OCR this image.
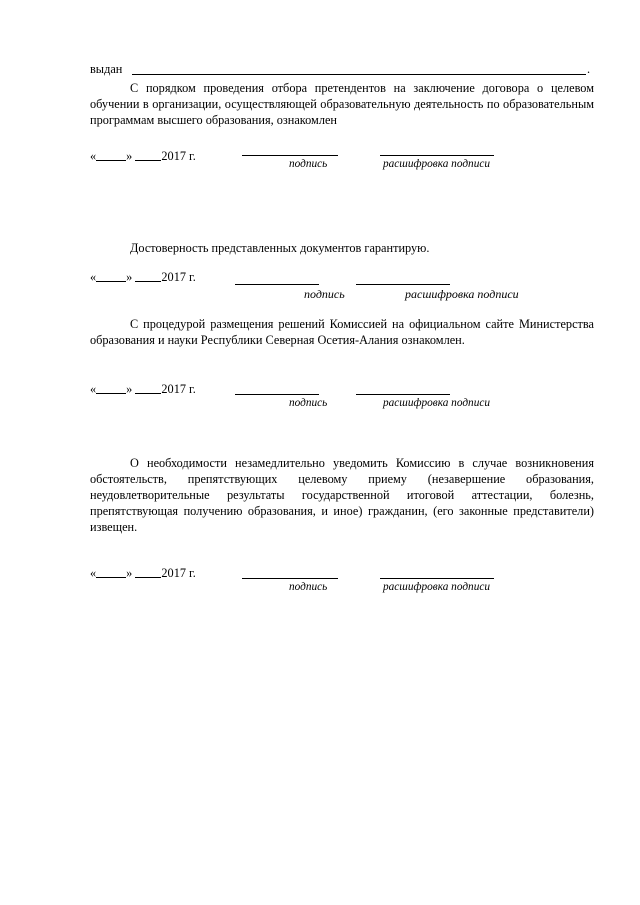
выдан	.
С порядком проведения отбора претендентов на заключение договора о целевом обучении в организации, осуществляющей образовательную деятельность по образовательным программам высшего образования, ознакомлен
« » 2017 г.
подпись	расшифровка подписи
Достоверность представленных документов гарантирую.
« » 2017 г.
подпись	расшифровка подписи
С процедурой размещения решений Комиссией на официальном сайте Министерства образования и науки Республики Северная Осетия-Алания ознакомлен.
« » 2017 г.
подпись	расшифровка подписи
О необходимости незамедлительно уведомить Комиссию в случае возникновения обстоятельств, препятствующих целевому приему (незавершение образования, неудовлетворительные результаты государственной итоговой аттестации, болезнь, препятствующая получению образования, и иное) гражданин, (его законные представители) извещен.
« » 2017 г.
подпись	расшифровка подписи
